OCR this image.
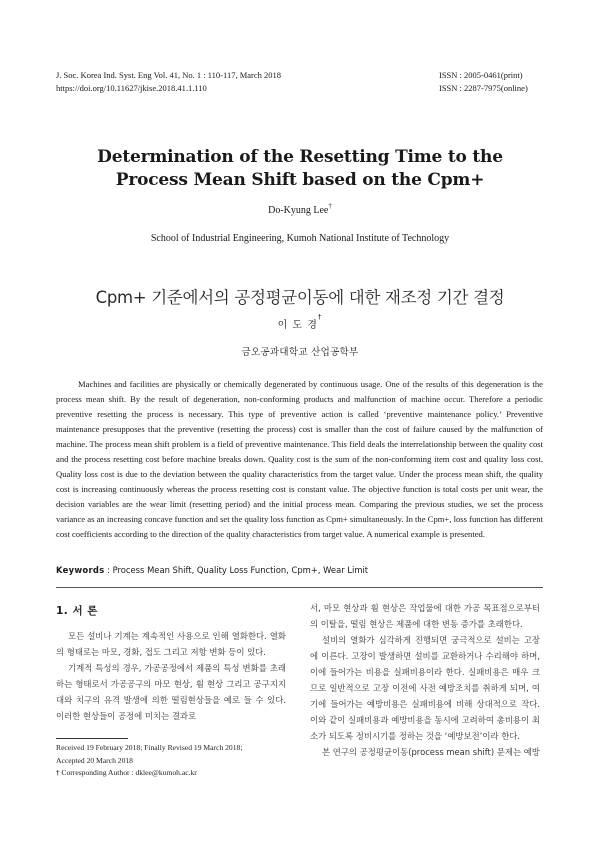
J. Soc. Korea Ind. Syst. Eng Vol. 41, No. 1 : 110-117, March 2018
https://doi.org/10.11627/jkise.2018.41.1.110
ISSN : 2005-0461(print)
ISSN : 2287-7975(online)
Determination of the Resetting Time to the
Process Mean Shift based on the Cpm+
Do-Kyung Lee†
School of Industrial Engineering, Kumoh National Institute of Technology
Cpm+ 기준에서의 공정평균이동에 대한 재조정 기간 결정
이 도 경†
금오공과대학교 산업공학부

Machines and facilities are physically or chemically degenerated by continuous usage. One of the results of this degeneration is the process mean shift. By the result of degeneration, non-conforming products and malfunction of machine occur. Therefore a periodic preventive resetting the process is necessary. This type of preventive action is called ‘preventive maintenance policy.’ Preventive maintenance presupposes that the preventive (resetting the process) cost is smaller than the cost of failure caused by the malfunction of machine. The process mean shift problem is a field of preventive maintenance. This field deals the interrelationship between the quality cost and the process resetting cost before machine breaks down. Quality cost is the sum of the non-conforming item cost and quality loss cost. Quality loss cost is due to the deviation between the quality characteristics from the target value. Under the process mean shift, the quality cost is increasing continuously whereas the process resetting cost is constant value. The objective function is total costs per unit wear, the decision variables are the wear limit (resetting period) and the initial process mean. Comparing the previous studies, we set the process variance as an increasing concave function and set the quality loss function as Cpm+ simultaneously. In the Cpm+, loss function has different cost coefficients according to the direction of the quality characteristics from target value. A numerical example is presented.

Keywords : Process Mean Shift, Quality Loss Function, Cpm+, Wear Limit
1. 서 론

모든 설비나 기계는 계속적인 사용으로 인해 열화한다. 열화의 형태로는 마모, 경화, 접도 그리고 저항 변화 등이 있다.

기계적 특성의 경우, 가공공정에서 제품의 특성 변화를 초래하는 형태로서 가공공구의 마모 현상, 휨 현상 그리고 공구지지대와 치구의 유격 발생에 의한 떨림현상들을 예로 들 수 있다. 이러한 현상들이 공정에 미치는 결과로

서, 마모 현상과 휨 현상은 작업물에 대한 가공 목표점으로부터의 이탈을, 떨림 현상은 제품에 대한 변동 증가를 초래한다.

설비의 열화가 심각하게 진행되면 궁극적으로 설비는 고장에 이른다. 고장이 발생하면 설비를 교환하거나 수리해야 하며, 이에 들어가는 비용을 실패비용이라 한다. 실패비용은 매우 크므로 일반적으로 고장 이전에 사전 예방조치를 취하게 되며, 여기에 들어가는 예방비용은 실패비용에 비해 상대적으로 작다. 이와 같이 실패비용과 예방비용을 동시에 고려하여 총비용이 최소가 되도록 정비시기를 정하는 것을 ‘예방보전’이라 한다.

본 연구의 공정평균이동(process mean shift) 문제는 예방

Received 19 February 2018; Finally Revised 19 March 2018;
Accepted 20 March 2018
† Corresponding Author : dklee@kumoh.ac.kr
